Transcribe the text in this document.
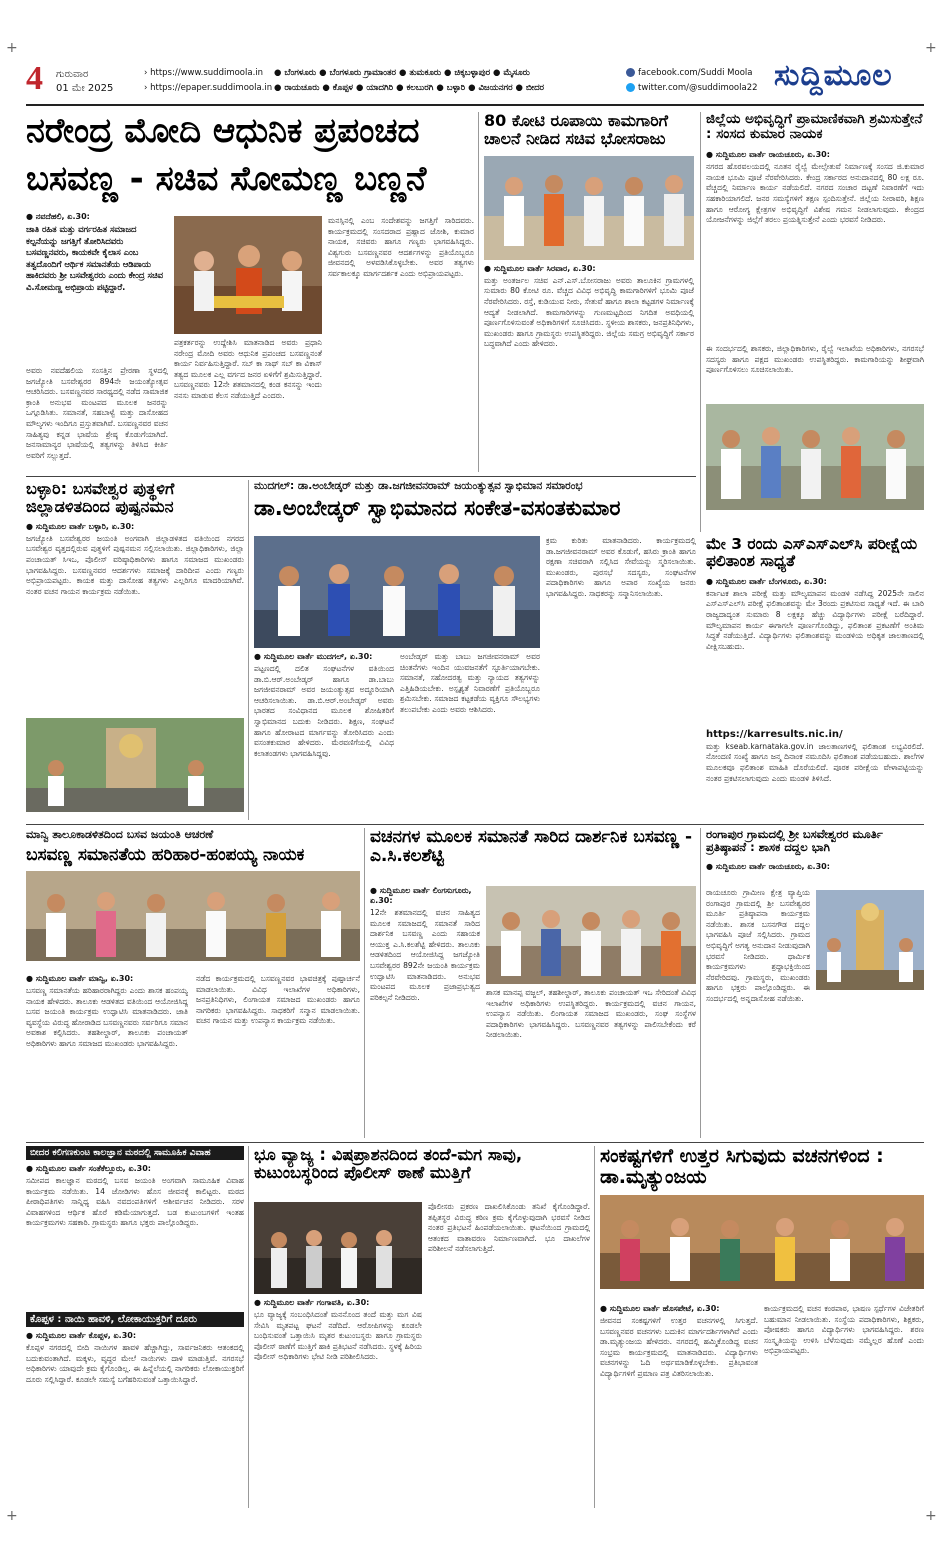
+	+
+	+
4 ಗುರುವಾರ
01 ಮೇ 2025
› https://www.suddimoola.in
› https://epaper.suddimoola.in
● ಬೆಂಗಳೂರು ● ಬೆಂಗಳೂರು ಗ್ರಾಮಾಂತರ ● ತುಮಕೂರು ● ಚಿಕ್ಕಬಳ್ಳಾಪುರ ● ಮೈಸೂರು
● ರಾಯಚೂರು ● ಕೊಪ್ಪಳ ● ಯಾದಗಿರಿ ● ಕಲಬುರಗಿ ● ಬಳ್ಳಾರಿ ● ವಿಜಯನಗರ ● ಬೀದರ
facebook.com/Suddi Moola
twitter.com/@suddimoola22 ಸುದ್ದಿಮೂಲ
ನರೇಂದ್ರ ಮೋದಿ ಆಧುನಿಕ ಪ್ರಪಂಚದ
ಬಸವಣ್ಣ - ಸಚಿವ ಸೋಮಣ್ಣ ಬಣ್ಣನೆ
● ನವದೆಹಲಿ, ಏ.30:
ಜಾತಿ ರಹಿತ ಮತ್ತು ವರ್ಗರಹಿತ ಸಮಾಜದ ಕಲ್ಪನೆಯನ್ನು ಜಗತ್ತಿಗೆ ತೋರಿಸಿದವರು ಬಸವಣ್ಣನವರು, ಕಾಯಕವೇ ಕೈಲಾಸ ಎಂಬ ತತ್ವದೊಂದಿಗೆ ಆರ್ಥಿಕ ಸಮಾನತೆಯ ಆಡಿಪಾಯ ಹಾಕಿದವರು ಶ್ರೀ ಬಸವೇಶ್ವರರು ಎಂದು ಕೇಂದ್ರ ಸಚಿವ ವಿ.ಸೋಮಣ್ಣ ಅಭಿಪ್ರಾಯ ಪಟ್ಟಿದ್ದಾರೆ.
ಅವರು ನವದೆಹಲಿಯ ಸಂಸತ್ತಿನ ಪ್ರೇರಣಾ ಸ್ಥಳದಲ್ಲಿ ಜಗಜ್ಯೋತಿ ಬಸವೇಶ್ವರರ 894ನೇ ಜಯಂತ್ಯೋತ್ಸವ ಆಚರಿಸಿದರು. ಬಸವಣ್ಣನವರ ಸಾರಥ್ಯದಲ್ಲಿ ನಡೆದ ಸಾಮಾಜಿಕ ಕ್ರಾಂತಿ ಅನುಭವ ಮಂಟಪದ ಮೂಲಕ ಜನರನ್ನು ಒಗ್ಗೂಡಿಸಿತು. ಸಮಾನತೆ, ಸಹಬಾಳ್ವೆ ಮತ್ತು ದಾಸೋಹದ ಮೌಲ್ಯಗಳು ಇಂದಿಗೂ ಪ್ರಸ್ತುತವಾಗಿವೆ. ಬಸವಣ್ಣನವರ ವಚನ ಸಾಹಿತ್ಯವು ಕನ್ನಡ ಭಾಷೆಯ ಶ್ರೇಷ್ಠ ಕೊಡುಗೆಯಾಗಿದೆ. ಜನಸಾಮಾನ್ಯರ ಭಾಷೆಯಲ್ಲಿ ತತ್ವಗಳನ್ನು ತಿಳಿಸಿದ ಕೀರ್ತಿ ಅವರಿಗೆ ಸಲ್ಲುತ್ತದೆ.
ಪತ್ರಕರ್ತರನ್ನು ಉದ್ದೇಶಿಸಿ ಮಾತನಾಡಿದ ಅವರು ಪ್ರಧಾನಿ ನರೇಂದ್ರ ಮೋದಿ ಅವರು ಆಧುನಿಕ ಪ್ರಪಂಚದ ಬಸವಣ್ಣನಂತೆ ಕಾರ್ಯ ನಿರ್ವಹಿಸುತ್ತಿದ್ದಾರೆ. ಸಬ್ ಕಾ ಸಾಥ್ ಸಬ್ ಕಾ ವಿಕಾಸ್ ತತ್ವದ ಮೂಲಕ ಎಲ್ಲ ವರ್ಗದ ಜನರ ಏಳಿಗೆಗೆ ಶ್ರಮಿಸುತ್ತಿದ್ದಾರೆ. ಬಸವಣ್ಣನವರು 12ನೇ ಶತಮಾನದಲ್ಲಿ ಕಂಡ ಕನಸನ್ನು ಇಂದು ನನಸು ಮಾಡುವ ಕೆಲಸ ನಡೆಯುತ್ತಿದೆ ಎಂದರು.
ಮನಸ್ಸಿನಲ್ಲಿ ಎಂಬ ಸಂದೇಶವನ್ನು ಜಗತ್ತಿಗೆ ಸಾರಿದವರು. ಕಾರ್ಯಕ್ರಮದಲ್ಲಿ ಸಂಸದರಾದ ಪ್ರಹ್ಲಾದ ಜೋಶಿ, ಕುಮಾರ ನಾಯಕ, ಸಚಿವರು ಹಾಗೂ ಗಣ್ಯರು ಭಾಗವಹಿಸಿದ್ದರು. ವಿಶ್ವಗುರು ಬಸವಣ್ಣನವರ ಆದರ್ಶಗಳನ್ನು ಪ್ರತಿಯೊಬ್ಬರೂ ಜೀವನದಲ್ಲಿ ಅಳವಡಿಸಿಕೊಳ್ಳಬೇಕು. ಅವರ ತತ್ವಗಳು ಸರ್ವಕಾಲಕ್ಕೂ ಮಾರ್ಗದರ್ಶಕ ಎಂದು ಅಭಿಪ್ರಾಯಪಟ್ಟರು.
80 ಕೋಟಿ ರೂಪಾಯಿ ಕಾಮಗಾರಿಗೆ ಚಾಲನೆ ನೀಡಿದ ಸಚಿವ ಭೋಸರಾಜು
● ಸುದ್ದಿಮೂಲ ವಾರ್ತೆ ಸಿರವಾರ, ಏ.30:
ಮತ್ತು ಅಂತರ್ಜಲ ಸಚಿವ ಎನ್.ಎಸ್.ಬೋಸರಾಜು ಅವರು ತಾಲೂಕಿನ ಗ್ರಾಮಗಳಲ್ಲಿ ಸುಮಾರು 80 ಕೋಟಿ ರೂ. ವೆಚ್ಚದ ವಿವಿಧ ಅಭಿವೃದ್ಧಿ ಕಾಮಗಾರಿಗಳಿಗೆ ಭೂಮಿ ಪೂಜೆ ನೆರವೇರಿಸಿದರು. ರಸ್ತೆ, ಕುಡಿಯುವ ನೀರು, ಸೇತುವೆ ಹಾಗೂ ಶಾಲಾ ಕಟ್ಟಡಗಳ ನಿರ್ಮಾಣಕ್ಕೆ ಆದ್ಯತೆ ನೀಡಲಾಗಿದೆ. ಕಾಮಗಾರಿಗಳನ್ನು ಗುಣಮಟ್ಟದಿಂದ ನಿಗದಿತ ಅವಧಿಯಲ್ಲಿ ಪೂರ್ಣಗೊಳಿಸುವಂತೆ ಅಧಿಕಾರಿಗಳಿಗೆ ಸೂಚಿಸಿದರು. ಸ್ಥಳೀಯ ಶಾಸಕರು, ಜನಪ್ರತಿನಿಧಿಗಳು, ಮುಖಂಡರು ಹಾಗೂ ಗ್ರಾಮಸ್ಥರು ಉಪಸ್ಥಿತರಿದ್ದರು. ಜಿಲ್ಲೆಯ ಸಮಗ್ರ ಅಭಿವೃದ್ಧಿಗೆ ಸರ್ಕಾರ ಬದ್ಧವಾಗಿದೆ ಎಂದು ಹೇಳಿದರು.
ಜಿಲ್ಲೆಯ ಅಭಿವೃದ್ಧಿಗೆ ಪ್ರಾಮಾಣಿಕವಾಗಿ ಶ್ರಮಿಸುತ್ತೇನೆ : ಸಂಸದ ಕುಮಾರ ನಾಯಕ
● ಸುದ್ದಿಮೂಲ ವಾರ್ತೆ ರಾಯಚೂರು, ಏ.30:
ನಗರದ ಹೊರವಲಯದಲ್ಲಿ ನೂತನ ರೈಲ್ವೆ ಮೇಲ್ಸೇತುವೆ ನಿರ್ಮಾಣಕ್ಕೆ ಸಂಸದ ಜಿ.ಕುಮಾರ ನಾಯಕ ಭೂಮಿ ಪೂಜೆ ನೆರವೇರಿಸಿದರು. ಕೇಂದ್ರ ಸರ್ಕಾರದ ಅನುದಾನದಲ್ಲಿ 80 ಲಕ್ಷ ರೂ. ವೆಚ್ಚದಲ್ಲಿ ನಿರ್ಮಾಣ ಕಾರ್ಯ ನಡೆಯಲಿದೆ. ನಗರದ ಸಂಚಾರ ದಟ್ಟಣೆ ನಿವಾರಣೆಗೆ ಇದು ಸಹಕಾರಿಯಾಗಲಿದೆ. ಜನರ ಸಮಸ್ಯೆಗಳಿಗೆ ತಕ್ಷಣ ಸ್ಪಂದಿಸುತ್ತೇನೆ. ಜಿಲ್ಲೆಯ ನೀರಾವರಿ, ಶಿಕ್ಷಣ ಹಾಗೂ ಆರೋಗ್ಯ ಕ್ಷೇತ್ರಗಳ ಅಭಿವೃದ್ಧಿಗೆ ವಿಶೇಷ ಗಮನ ನೀಡಲಾಗುವುದು. ಕೇಂದ್ರದ ಯೋಜನೆಗಳನ್ನು ಜಿಲ್ಲೆಗೆ ತರಲು ಪ್ರಯತ್ನಿಸುತ್ತೇನೆ ಎಂದು ಭರವಸೆ ನೀಡಿದರು.
ಈ ಸಂದರ್ಭದಲ್ಲಿ ಶಾಸಕರು, ಜಿಲ್ಲಾಧಿಕಾರಿಗಳು, ರೈಲ್ವೆ ಇಲಾಖೆಯ ಅಧಿಕಾರಿಗಳು, ನಗರಸಭೆ ಸದಸ್ಯರು ಹಾಗೂ ಪಕ್ಷದ ಮುಖಂಡರು ಉಪಸ್ಥಿತರಿದ್ದರು. ಕಾಮಗಾರಿಯನ್ನು ಶೀಘ್ರವಾಗಿ ಪೂರ್ಣಗೊಳಿಸಲು ಸೂಚಿಸಲಾಯಿತು.
ಬಳ್ಳಾರಿ: ಬಸವೇಶ್ವರ ಪುತ್ಥಳಿಗೆ ಜಿಲ್ಲಾಡಳಿತದಿಂದ ಪುಷ್ಪನಮನ
● ಸುದ್ದಿಮೂಲ ವಾರ್ತೆ ಬಳ್ಳಾರಿ, ಏ.30:
ಜಗಜ್ಯೋತಿ ಬಸವೇಶ್ವರರ ಜಯಂತಿ ಅಂಗವಾಗಿ ಜಿಲ್ಲಾಡಳಿತದ ವತಿಯಿಂದ ನಗರದ ಬಸವೇಶ್ವರ ವೃತ್ತದಲ್ಲಿರುವ ಪುತ್ಥಳಿಗೆ ಪುಷ್ಪನಮನ ಸಲ್ಲಿಸಲಾಯಿತು. ಜಿಲ್ಲಾಧಿಕಾರಿಗಳು, ಜಿಲ್ಲಾ ಪಂಚಾಯತ್ ಸಿಇಒ, ಪೊಲೀಸ್ ವರಿಷ್ಠಾಧಿಕಾರಿಗಳು ಹಾಗೂ ಸಮಾಜದ ಮುಖಂಡರು ಭಾಗವಹಿಸಿದ್ದರು. ಬಸವಣ್ಣನವರ ಆದರ್ಶಗಳು ಸಮಾಜಕ್ಕೆ ದಾರಿದೀಪ ಎಂದು ಗಣ್ಯರು ಅಭಿಪ್ರಾಯಪಟ್ಟರು. ಕಾಯಕ ಮತ್ತು ದಾಸೋಹ ತತ್ವಗಳು ಎಲ್ಲರಿಗೂ ಮಾದರಿಯಾಗಿವೆ. ನಂತರ ವಚನ ಗಾಯನ ಕಾರ್ಯಕ್ರಮ ನಡೆಯಿತು.
ಮುದಗಲ್: ಡಾ.ಅಂಬೇಡ್ಕರ್ ಮತ್ತು ಡಾ.ಜಗಜೀವನರಾಮ್ ಜಯಂತ್ಯುತ್ಸವ ಸ್ವಾಭಿಮಾನ ಸಮಾರಂಭ
ಡಾ.ಅಂಬೇಡ್ಕರ್ ಸ್ವಾಭಿಮಾನದ ಸಂಕೇತ-ವಸಂತಕುಮಾರ
● ಸುದ್ದಿಮೂಲ ವಾರ್ತೆ ಮುದಗಲ್, ಏ.30:
ಪಟ್ಟಣದಲ್ಲಿ ದಲಿತ ಸಂಘಟನೆಗಳ ವತಿಯಿಂದ ಡಾ.ಬಿ.ಆರ್.ಅಂಬೇಡ್ಕರ್ ಹಾಗೂ ಡಾ.ಬಾಬು ಜಗಜೀವನರಾಮ್ ಅವರ ಜಯಂತ್ಯುತ್ಸವ ಅದ್ಧೂರಿಯಾಗಿ ಆಚರಿಸಲಾಯಿತು. ಡಾ.ಬಿ.ಆರ್.ಅಂಬೇಡ್ಕರ್ ಅವರು ಭಾರತದ ಸಂವಿಧಾನದ ಮೂಲಕ ಶೋಷಿತರಿಗೆ ಸ್ವಾಭಿಮಾನದ ಬದುಕು ನೀಡಿದರು. ಶಿಕ್ಷಣ, ಸಂಘಟನೆ ಹಾಗೂ ಹೋರಾಟದ ಮಾರ್ಗವನ್ನು ತೋರಿಸಿದರು ಎಂದು ವಸಂತಕುಮಾರ ಹೇಳಿದರು. ಮೆರವಣಿಗೆಯಲ್ಲಿ ವಿವಿಧ ಕಲಾತಂಡಗಳು ಭಾಗವಹಿಸಿದ್ದವು.
ಅಂಬೇಡ್ಕರ್ ಮತ್ತು ಬಾಬು ಜಗಜೀವನರಾಮ್ ಅವರ ಚಿಂತನೆಗಳು ಇಂದಿನ ಯುವಜನತೆಗೆ ಸ್ಫೂರ್ತಿಯಾಗಬೇಕು. ಸಮಾನತೆ, ಸಹೋದರತ್ವ ಮತ್ತು ನ್ಯಾಯದ ತತ್ವಗಳನ್ನು ಎತ್ತಿಹಿಡಿಯಬೇಕು. ಅಸ್ಪೃಶ್ಯತೆ ನಿವಾರಣೆಗೆ ಪ್ರತಿಯೊಬ್ಬರೂ ಶ್ರಮಿಸಬೇಕು. ಸಮಾಜದ ಕಟ್ಟಕಡೆಯ ವ್ಯಕ್ತಿಗೂ ಸೌಲಭ್ಯಗಳು ತಲುಪಬೇಕು ಎಂದು ಅವರು ಆಶಿಸಿದರು.
ಕ್ರಮ ಕುರಿತು ಮಾತನಾಡಿದರು. ಕಾರ್ಯಕ್ರಮದಲ್ಲಿ ಡಾ.ಜಗಜೀವನರಾಮ್ ಅವರ ಕೊಡುಗೆ, ಹಸಿರು ಕ್ರಾಂತಿ ಹಾಗೂ ರಕ್ಷಣಾ ಸಚಿವರಾಗಿ ಸಲ್ಲಿಸಿದ ಸೇವೆಯನ್ನು ಸ್ಮರಿಸಲಾಯಿತು. ಮುಖಂಡರು, ಪುರಸಭೆ ಸದಸ್ಯರು, ಸಂಘಟನೆಗಳ ಪದಾಧಿಕಾರಿಗಳು ಹಾಗೂ ಅಪಾರ ಸಂಖ್ಯೆಯ ಜನರು ಭಾಗವಹಿಸಿದ್ದರು. ಸಾಧಕರನ್ನು ಸನ್ಮಾನಿಸಲಾಯಿತು.
ಮೇ 3 ರಂದು ಎಸ್‌ಎಸ್‌ಎಲ್‌ಸಿ ಪರೀಕ್ಷೆಯ ಫಲಿತಾಂಶ ಸಾಧ್ಯತೆ
● ಸುದ್ದಿಮೂಲ ವಾರ್ತೆ ಬೆಂಗಳೂರು, ಏ.30:
ಕರ್ನಾಟಕ ಶಾಲಾ ಪರೀಕ್ಷೆ ಮತ್ತು ಮೌಲ್ಯಮಾಪನ ಮಂಡಳಿ ನಡೆಸಿದ್ದ 2025ನೇ ಸಾಲಿನ ಎಸ್‌ಎಸ್‌ಎಲ್‌ಸಿ ಪರೀಕ್ಷೆ ಫಲಿತಾಂಶವನ್ನು ಮೇ 3ರಂದು ಪ್ರಕಟಿಸುವ ಸಾಧ್ಯತೆ ಇದೆ. ಈ ಬಾರಿ ರಾಜ್ಯದಾದ್ಯಂತ ಸುಮಾರು 8 ಲಕ್ಷಕ್ಕೂ ಹೆಚ್ಚು ವಿದ್ಯಾರ್ಥಿಗಳು ಪರೀಕ್ಷೆ ಬರೆದಿದ್ದಾರೆ. ಮೌಲ್ಯಮಾಪನ ಕಾರ್ಯ ಈಗಾಗಲೇ ಪೂರ್ಣಗೊಂಡಿದ್ದು, ಫಲಿತಾಂಶ ಪ್ರಕಟಣೆಗೆ ಅಂತಿಮ ಸಿದ್ಧತೆ ನಡೆಯುತ್ತಿದೆ. ವಿದ್ಯಾರ್ಥಿಗಳು ಫಲಿತಾಂಶವನ್ನು ಮಂಡಳಿಯ ಅಧಿಕೃತ ಜಾಲತಾಣದಲ್ಲಿ ವೀಕ್ಷಿಸಬಹುದು.
https://karresults.nic.in/
ಮತ್ತು kseab.karnataka.gov.in ಜಾಲತಾಣಗಳಲ್ಲಿ ಫಲಿತಾಂಶ ಲಭ್ಯವಿರಲಿದೆ. ನೋಂದಣಿ ಸಂಖ್ಯೆ ಹಾಗೂ ಜನ್ಮ ದಿನಾಂಕ ನಮೂದಿಸಿ ಫಲಿತಾಂಶ ಪಡೆಯಬಹುದು. ಶಾಲೆಗಳ ಮೂಲಕವೂ ಫಲಿತಾಂಶ ಮಾಹಿತಿ ದೊರೆಯಲಿದೆ. ಪೂರಕ ಪರೀಕ್ಷೆಯ ವೇಳಾಪಟ್ಟಿಯನ್ನು ನಂತರ ಪ್ರಕಟಿಸಲಾಗುವುದು ಎಂದು ಮಂಡಳಿ ತಿಳಿಸಿದೆ.
ಮಾನ್ವಿ ತಾಲೂಕಾಡಳಿತದಿಂದ ಬಸವ ಜಯಂತಿ ಆಚರಣೆ
ಬಸವಣ್ಣ ಸಮಾನತೆಯ ಹರಿಹಾರ-ಹಂಪಯ್ಯ ನಾಯಕ
● ಸುದ್ದಿಮೂಲ ವಾರ್ತೆ ಮಾನ್ವಿ, ಏ.30:
ಬಸವಣ್ಣ ಸಮಾನತೆಯ ಹರಿಹಾರರಾಗಿದ್ದರು ಎಂದು ಶಾಸಕ ಹಂಪಯ್ಯ ನಾಯಕ ಹೇಳಿದರು. ತಾಲೂಕು ಆಡಳಿತದ ವತಿಯಿಂದ ಆಯೋಜಿಸಿದ್ದ ಬಸವ ಜಯಂತಿ ಕಾರ್ಯಕ್ರಮ ಉದ್ಘಾಟಿಸಿ ಮಾತನಾಡಿದರು. ಜಾತಿ ವ್ಯವಸ್ಥೆಯ ವಿರುದ್ಧ ಹೋರಾಡಿದ ಬಸವಣ್ಣನವರು ಸರ್ವರಿಗೂ ಸಮಾನ ಅವಕಾಶ ಕಲ್ಪಿಸಿದರು. ತಹಶೀಲ್ದಾರ್, ತಾಲೂಕು ಪಂಚಾಯತ್ ಅಧಿಕಾರಿಗಳು ಹಾಗೂ ಸಮಾಜದ ಮುಖಂಡರು ಭಾಗವಹಿಸಿದ್ದರು.
ನಡೆದ ಕಾರ್ಯಕ್ರಮದಲ್ಲಿ ಬಸವಣ್ಣನವರ ಭಾವಚಿತ್ರಕ್ಕೆ ಪುಷ್ಪಾರ್ಚನೆ ಮಾಡಲಾಯಿತು. ವಿವಿಧ ಇಲಾಖೆಗಳ ಅಧಿಕಾರಿಗಳು, ಜನಪ್ರತಿನಿಧಿಗಳು, ಲಿಂಗಾಯತ ಸಮಾಜದ ಮುಖಂಡರು ಹಾಗೂ ನಾಗರಿಕರು ಭಾಗವಹಿಸಿದ್ದರು. ಸಾಧಕರಿಗೆ ಸನ್ಮಾನ ಮಾಡಲಾಯಿತು. ವಚನ ಗಾಯನ ಮತ್ತು ಉಪನ್ಯಾಸ ಕಾರ್ಯಕ್ರಮ ನಡೆಯಿತು.
ವಚನಗಳ ಮೂಲಕ ಸಮಾನತೆ ಸಾರಿದ ದಾರ್ಶನಿಕ ಬಸವಣ್ಣ - ಎ.ಸಿ.ಕಲಶೆಟ್ಟಿ
● ಸುದ್ದಿಮೂಲ ವಾರ್ತೆ ಲಿಂಗಸುಗೂರು, ಏ.30:
12ನೇ ಶತಮಾನದಲ್ಲಿ ವಚನ ಸಾಹಿತ್ಯದ ಮೂಲಕ ಸಮಾಜದಲ್ಲಿ ಸಮಾನತೆ ಸಾರಿದ ದಾರ್ಶನಿಕ ಬಸವಣ್ಣ ಎಂದು ಸಹಾಯಕ ಆಯುಕ್ತ ಎ.ಸಿ.ಕಲಶೆಟ್ಟಿ ಹೇಳಿದರು. ತಾಲೂಕು ಆಡಳಿತದಿಂದ ಆಯೋಜಿಸಿದ್ದ ಜಗಜ್ಯೋತಿ ಬಸವೇಶ್ವರರ 892ನೇ ಜಯಂತಿ ಕಾರ್ಯಕ್ರಮ ಉದ್ಘಾಟಿಸಿ ಮಾತನಾಡಿದರು. ಅನುಭವ ಮಂಟಪದ ಮೂಲಕ ಪ್ರಜಾಪ್ರಭುತ್ವದ ಪರಿಕಲ್ಪನೆ ನೀಡಿದರು.
ಶಾಸಕ ಮಾನಪ್ಪ ವಜ್ಜಲ್, ತಹಶೀಲ್ದಾರ್, ತಾಲೂಕು ಪಂಚಾಯತ್ ಇಒ ಸೇರಿದಂತೆ ವಿವಿಧ ಇಲಾಖೆಗಳ ಅಧಿಕಾರಿಗಳು ಉಪಸ್ಥಿತರಿದ್ದರು. ಕಾರ್ಯಕ್ರಮದಲ್ಲಿ ವಚನ ಗಾಯನ, ಉಪನ್ಯಾಸ ನಡೆಯಿತು. ಲಿಂಗಾಯತ ಸಮಾಜದ ಮುಖಂಡರು, ಸಂಘ ಸಂಸ್ಥೆಗಳ ಪದಾಧಿಕಾರಿಗಳು ಭಾಗವಹಿಸಿದ್ದರು. ಬಸವಣ್ಣನವರ ತತ್ವಗಳನ್ನು ಪಾಲಿಸಬೇಕೆಂದು ಕರೆ ನೀಡಲಾಯಿತು.
ರಂಗಾಪುರ ಗ್ರಾಮದಲ್ಲಿ ಶ್ರೀ ಬಸವೇಶ್ವರರ ಮೂರ್ತಿ ಪ್ರತಿಷ್ಠಾಪನೆ : ಶಾಸಕ ದದ್ದಲ ಭಾಗಿ
● ಸುದ್ದಿಮೂಲ ವಾರ್ತೆ ರಾಯಚೂರು, ಏ.30:
ರಾಯಚೂರು ಗ್ರಾಮೀಣ ಕ್ಷೇತ್ರ ವ್ಯಾಪ್ತಿಯ ರಂಗಾಪುರ ಗ್ರಾಮದಲ್ಲಿ ಶ್ರೀ ಬಸವೇಶ್ವರರ ಮೂರ್ತಿ ಪ್ರತಿಷ್ಠಾಪನಾ ಕಾರ್ಯಕ್ರಮ ನಡೆಯಿತು. ಶಾಸಕ ಬಸನಗೌಡ ದದ್ದಲ ಭಾಗವಹಿಸಿ ಪೂಜೆ ಸಲ್ಲಿಸಿದರು. ಗ್ರಾಮದ ಅಭಿವೃದ್ಧಿಗೆ ಅಗತ್ಯ ಅನುದಾನ ನೀಡುವುದಾಗಿ ಭರವಸೆ ನೀಡಿದರು. ಧಾರ್ಮಿಕ ಕಾರ್ಯಕ್ರಮಗಳು ಶ್ರದ್ಧಾಭಕ್ತಿಯಿಂದ ನೆರವೇರಿದವು. ಗ್ರಾಮಸ್ಥರು, ಮುಖಂಡರು ಹಾಗೂ ಭಕ್ತರು ಪಾಲ್ಗೊಂಡಿದ್ದರು. ಈ ಸಂದರ್ಭದಲ್ಲಿ ಅನ್ನದಾಸೋಹ ನಡೆಯಿತು.
ಬೀದರ ಕಲಿಗಣಕುಂಟ ಕಾಲಜ್ಞಾನ ಮಠದಲ್ಲಿ ಸಾಮೂಹಿಕ ವಿವಾಹ
● ಸುದ್ದಿಮೂಲ ವಾರ್ತೆ ಸಂತೆಕೆಲ್ಲೂರು, ಏ.30:
ಸಮೀಪದ ಕಾಲಜ್ಞಾನ ಮಠದಲ್ಲಿ ಬಸವ ಜಯಂತಿ ಅಂಗವಾಗಿ ಸಾಮೂಹಿಕ ವಿವಾಹ ಕಾರ್ಯಕ್ರಮ ನಡೆಯಿತು. 14 ಜೋಡಿಗಳು ಹೊಸ ಜೀವನಕ್ಕೆ ಕಾಲಿಟ್ಟರು. ಮಠದ ಪೀಠಾಧಿಪತಿಗಳು ಸಾನ್ನಿಧ್ಯ ವಹಿಸಿ ನವದಂಪತಿಗಳಿಗೆ ಆಶೀರ್ವಚನ ನೀಡಿದರು. ಸರಳ ವಿವಾಹಗಳಿಂದ ಆರ್ಥಿಕ ಹೊರೆ ಕಡಿಮೆಯಾಗುತ್ತದೆ. ಬಡ ಕುಟುಂಬಗಳಿಗೆ ಇಂತಹ ಕಾರ್ಯಕ್ರಮಗಳು ಸಹಕಾರಿ. ಗ್ರಾಮಸ್ಥರು ಹಾಗೂ ಭಕ್ತರು ಪಾಲ್ಗೊಂಡಿದ್ದರು.
ಕೊಪ್ಪಳ : ನಾಯಿ ಹಾವಳಿ, ಲೋಕಾಯುಕ್ತರಿಗೆ ದೂರು
● ಸುದ್ದಿಮೂಲ ವಾರ್ತೆ ಕೊಪ್ಪಳ, ಏ.30:
ಕೊಪ್ಪಳ ನಗರದಲ್ಲಿ ಬೀದಿ ನಾಯಿಗಳ ಹಾವಳಿ ಹೆಚ್ಚಾಗಿದ್ದು, ಸಾರ್ವಜನಿಕರು ಆತಂಕದಲ್ಲಿ ಬದುಕುವಂತಾಗಿದೆ. ಮಕ್ಕಳು, ವೃದ್ಧರ ಮೇಲೆ ನಾಯಿಗಳು ದಾಳಿ ಮಾಡುತ್ತಿವೆ. ನಗರಸಭೆ ಅಧಿಕಾರಿಗಳು ಯಾವುದೇ ಕ್ರಮ ಕೈಗೊಂಡಿಲ್ಲ. ಈ ಹಿನ್ನೆಲೆಯಲ್ಲಿ ನಾಗರಿಕರು ಲೋಕಾಯುಕ್ತರಿಗೆ ದೂರು ಸಲ್ಲಿಸಿದ್ದಾರೆ. ಕೂಡಲೇ ಸಮಸ್ಯೆ ಬಗೆಹರಿಸುವಂತೆ ಒತ್ತಾಯಿಸಿದ್ದಾರೆ.
ಭೂ ವ್ಯಾಜ್ಯ : ವಿಷಪ್ರಾಶನದಿಂದ ತಂದೆ-ಮಗ ಸಾವು, ಕುಟುಂಬಸ್ಥರಿಂದ ಪೊಲೀಸ್ ಠಾಣೆ ಮುತ್ತಿಗೆ
● ಸುದ್ದಿಮೂಲ ವಾರ್ತೆ ಗಂಗಾವತಿ, ಏ.30:
ಭೂ ವ್ಯಾಜ್ಯಕ್ಕೆ ಸಂಬಂಧಿಸಿದಂತೆ ಮನನೊಂದ ತಂದೆ ಮತ್ತು ಮಗ ವಿಷ ಸೇವಿಸಿ ಮೃತಪಟ್ಟ ಘಟನೆ ನಡೆದಿದೆ. ಆರೋಪಿಗಳನ್ನು ಕೂಡಲೇ ಬಂಧಿಸುವಂತೆ ಒತ್ತಾಯಿಸಿ ಮೃತರ ಕುಟುಂಬಸ್ಥರು ಹಾಗೂ ಗ್ರಾಮಸ್ಥರು ಪೊಲೀಸ್ ಠಾಣೆಗೆ ಮುತ್ತಿಗೆ ಹಾಕಿ ಪ್ರತಿಭಟನೆ ನಡೆಸಿದರು. ಸ್ಥಳಕ್ಕೆ ಹಿರಿಯ ಪೊಲೀಸ್ ಅಧಿಕಾರಿಗಳು ಭೇಟಿ ನೀಡಿ ಪರಿಶೀಲಿಸಿದರು.
ಪೊಲೀಸರು ಪ್ರಕರಣ ದಾಖಲಿಸಿಕೊಂಡು ತನಿಖೆ ಕೈಗೊಂಡಿದ್ದಾರೆ. ತಪ್ಪಿತಸ್ಥರ ವಿರುದ್ಧ ಕಠಿಣ ಕ್ರಮ ಕೈಗೊಳ್ಳುವುದಾಗಿ ಭರವಸೆ ನೀಡಿದ ನಂತರ ಪ್ರತಿಭಟನೆ ಹಿಂಪಡೆಯಲಾಯಿತು. ಘಟನೆಯಿಂದ ಗ್ರಾಮದಲ್ಲಿ ಆತಂಕದ ವಾತಾವರಣ ನಿರ್ಮಾಣವಾಗಿದೆ. ಭೂ ದಾಖಲೆಗಳ ಪರಿಶೀಲನೆ ನಡೆಸಲಾಗುತ್ತಿದೆ.
ಸಂಕಷ್ಟಗಳಿಗೆ ಉತ್ತರ ಸಿಗುವುದು ವಚನಗಳಿಂದ : ಡಾ.ಮೃತ್ಯುಂಜಯ
● ಸುದ್ದಿಮೂಲ ವಾರ್ತೆ ಹೊಸಪೇಟೆ, ಏ.30:
ಜೀವನದ ಸಂಕಷ್ಟಗಳಿಗೆ ಉತ್ತರ ವಚನಗಳಲ್ಲಿ ಸಿಗುತ್ತದೆ. ಬಸವಣ್ಣನವರ ವಚನಗಳು ಬದುಕಿನ ಮಾರ್ಗದರ್ಶಿಗಳಾಗಿವೆ ಎಂದು ಡಾ.ಮೃತ್ಯುಂಜಯ ಹೇಳಿದರು. ನಗರದಲ್ಲಿ ಹಮ್ಮಿಕೊಂಡಿದ್ದ ವಚನ ಸಂಭ್ರಮ ಕಾರ್ಯಕ್ರಮದಲ್ಲಿ ಮಾತನಾಡಿದರು. ವಿದ್ಯಾರ್ಥಿಗಳು ವಚನಗಳನ್ನು ಓದಿ ಅರ್ಥಮಾಡಿಕೊಳ್ಳಬೇಕು. ಪ್ರತಿಭಾವಂತ ವಿದ್ಯಾರ್ಥಿಗಳಿಗೆ ಪ್ರಮಾಣ ಪತ್ರ ವಿತರಿಸಲಾಯಿತು.
ಕಾರ್ಯಕ್ರಮದಲ್ಲಿ ವಚನ ಕಂಠಪಾಠ, ಭಾಷಣ ಸ್ಪರ್ಧೆಗಳ ವಿಜೇತರಿಗೆ ಬಹುಮಾನ ನೀಡಲಾಯಿತು. ಸಂಸ್ಥೆಯ ಪದಾಧಿಕಾರಿಗಳು, ಶಿಕ್ಷಕರು, ಪೋಷಕರು ಹಾಗೂ ವಿದ್ಯಾರ್ಥಿಗಳು ಭಾಗವಹಿಸಿದ್ದರು. ಶರಣ ಸಂಸ್ಕೃತಿಯನ್ನು ಉಳಿಸಿ ಬೆಳೆಸುವುದು ನಮ್ಮೆಲ್ಲರ ಹೊಣೆ ಎಂದು ಅಭಿಪ್ರಾಯಪಟ್ಟರು.
